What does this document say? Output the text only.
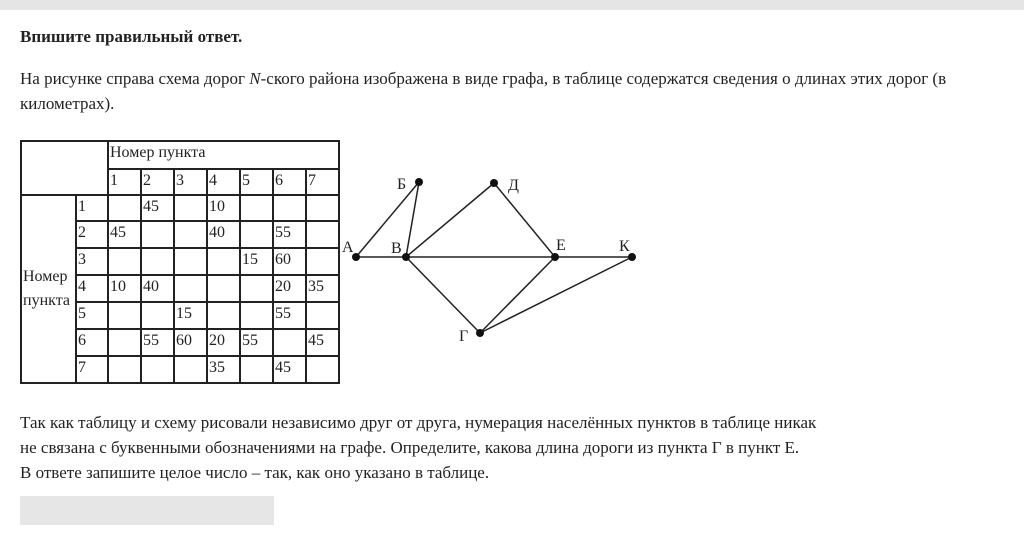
Впишите правильный ответ.
На рисунке справа схема дорог N-ского района изображена в виде графа, в таблице содержатся сведения о длинах этих дорог (в километрах).
		Номер пункта						
		1	2	3	4	5	6	7
Номер пункта	1		45		10			
	2	45			40		55	
	3					15	60	
	4	10	40				20	35
	5			15			55	
	6		55	60	20	55		45
	7				35		45	
А
Б
В
Д
Е	К
Г
Так как таблицу и схему рисовали независимо друг от друга, нумерация населённых пунктов в таблице никак
не связана с буквенными обозначениями на графе. Определите, какова длина дороги из пункта Г в пункт Е.
В ответе запишите целое число – так, как оно указано в таблице.
